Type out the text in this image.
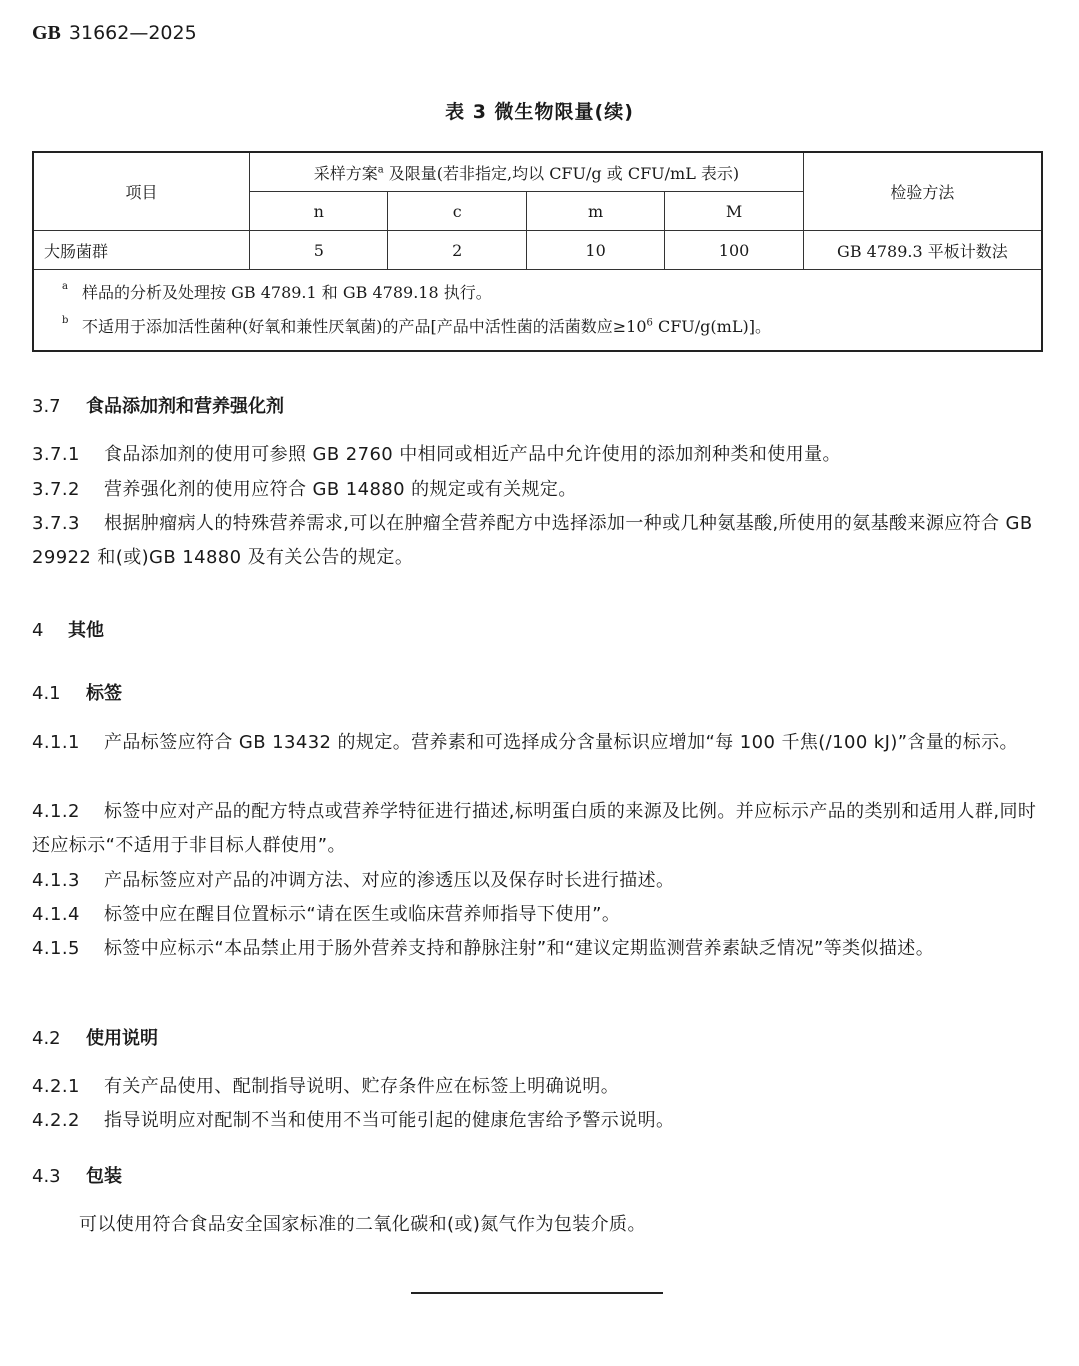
GB 31662—2025
表 3 微生物限量(续)
项目	采样方案$^a$ 及限量(若非指定,均以 CFU/g 或 CFU/mL 表示)				检验方法
	n	c	m	M	
大肠菌群	5	2	10	100	GB 4789.3 平板计数法

a 样品的分析及处理按 GB 4789.1 和 GB 4789.18 执行。
b 不适用于添加活性菌种(好氧和兼性厌氧菌)的产品[产品中活性菌的活菌数应$\ge 10^6$ CFU/g(mL)]。					
3.7 食品添加剂和营养强化剂
3.7.1 食品添加剂的使用可参照 GB 2760 中相同或相近产品中允许使用的添加剂种类和使用量。
3.7.2 营养强化剂的使用应符合 GB 14880 的规定或有关规定。
3.7.3 根据肿瘤病人的特殊营养需求,可以在肿瘤全营养配方中选择添加一种或几种氨基酸,所使用的氨基酸来源应符合 GB 29922 和(或)GB 14880 及有关公告的规定。
4 其他
4.1 标签
4.1.1 产品标签应符合 GB 13432 的规定。营养素和可选择成分含量标识应增加“每 100 千焦(/100 kJ)”含量的标示。
4.1.2 标签中应对产品的配方特点或营养学特征进行描述,标明蛋白质的来源及比例。并应标示产品的类别和适用人群,同时还应标示“不适用于非目标人群使用”。
4.1.3 产品标签应对产品的冲调方法、对应的渗透压以及保存时长进行描述。
4.1.4 标签中应在醒目位置标示“请在医生或临床营养师指导下使用”。
4.1.5 标签中应标示“本品禁止用于肠外营养支持和静脉注射”和“建议定期监测营养素缺乏情况”等类似描述。
4.2 使用说明
4.2.1 有关产品使用、配制指导说明、贮存条件应在标签上明确说明。
4.2.2 指导说明应对配制不当和使用不当可能引起的健康危害给予警示说明。
4.3 包装
可以使用符合食品安全国家标准的二氧化碳和(或)氮气作为包装介质。
